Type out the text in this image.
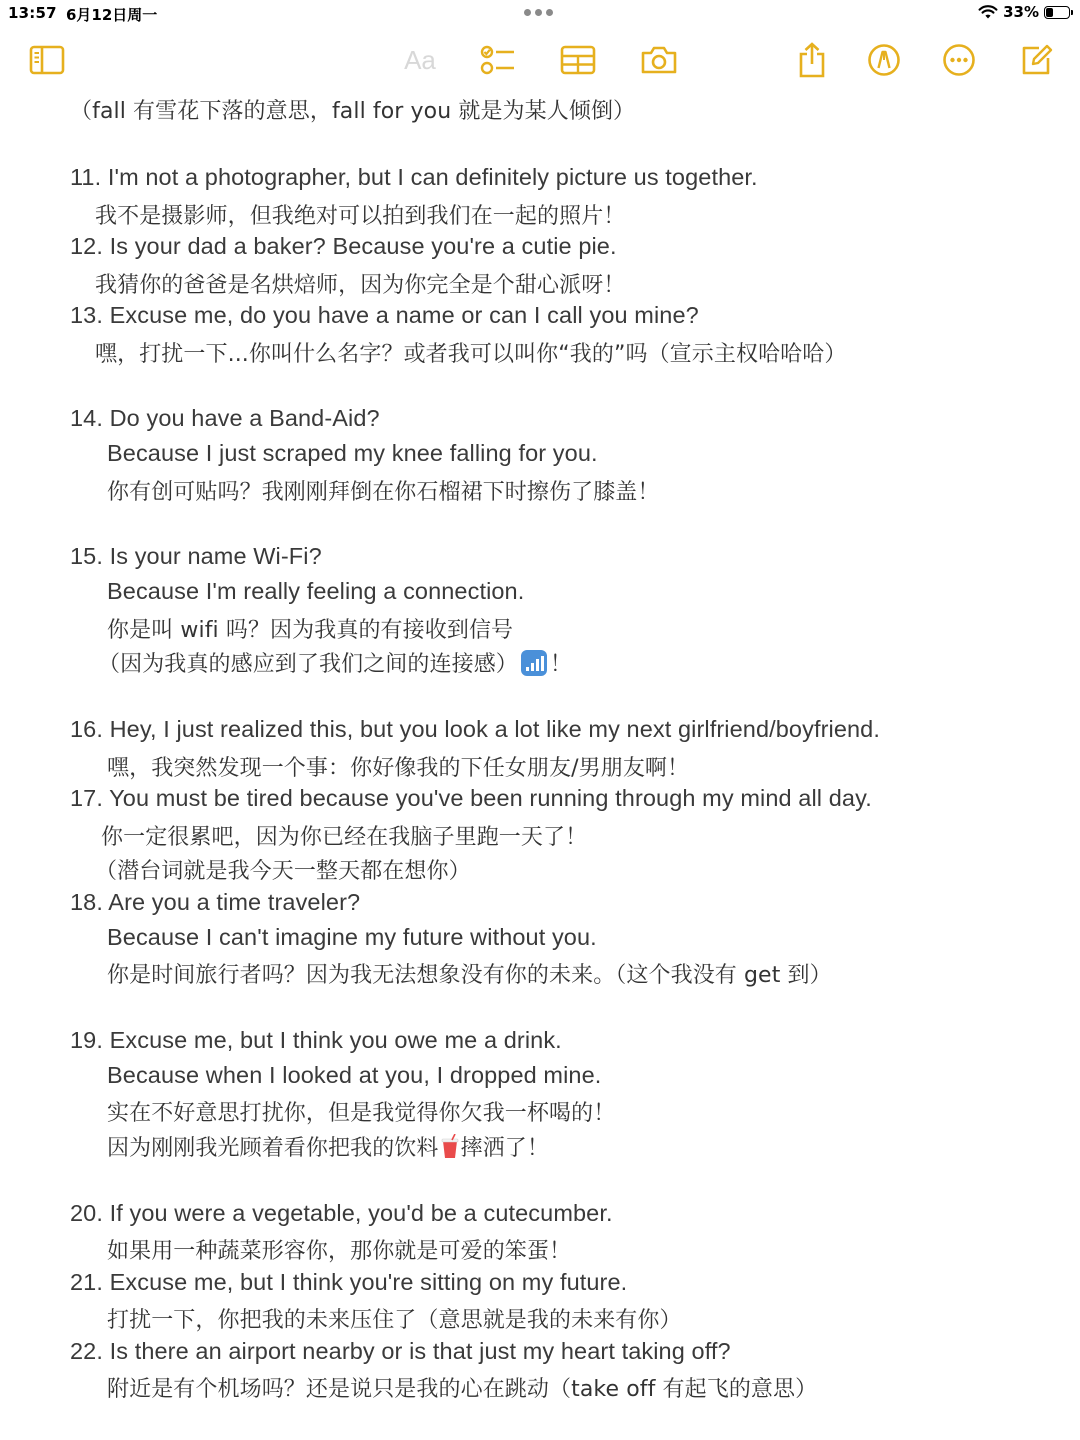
13:57 6月12日周一	33%
Aa
（fall 有雪花下落的意思，fall for you 就是为某人倾倒）
11. I'm not a photographer, but I can definitely picture us together.
我不是摄影师，但我绝对可以拍到我们在一起的照片！
12. Is your dad a baker? Because you're a cutie pie.
我猜你的爸爸是名烘焙师，因为你完全是个甜心派呀！
13. Excuse me, do you have a name or can I call you mine?
嘿，打扰一下...你叫什么名字？或者我可以叫你“我的”吗（宣示主权哈哈哈）
14. Do you have a Band-Aid?
Because I just scraped my knee falling for you.
你有创可贴吗？我刚刚拜倒在你石榴裙下时擦伤了膝盖！
15. Is your name Wi-Fi?
Because I'm really feeling a connection.
你是叫 wifi 吗？因为我真的有接收到信号
（因为我真的感应到了我们之间的连接感） ！
16. Hey, I just realized this, but you look a lot like my next girlfriend/boyfriend.
嘿，我突然发现一个事：你好像我的下任女朋友/男朋友啊！
17. You must be tired because you've been running through my mind all day.
你一定很累吧，因为你已经在我脑子里跑一天了！
（潜台词就是我今天一整天都在想你）
18. Are you a time traveler?
Because I can't imagine my future without you.
你是时间旅行者吗？因为我无法想象没有你的未来。（这个我没有 get 到）
19. Excuse me, but I think you owe me a drink.
Because when I looked at you, I dropped mine.
实在不好意思打扰你，但是我觉得你欠我一杯喝的！
因为刚刚我光顾着看你把我的饮料 摔洒了！
20. If you were a vegetable, you'd be a cutecumber.
如果用一种蔬菜形容你，那你就是可爱的笨蛋！
21. Excuse me, but I think you're sitting on my future.
打扰一下，你把我的未来压住了（意思就是我的未来有你）
22. Is there an airport nearby or is that just my heart taking off?
附近是有个机场吗？还是说只是我的心在跳动（take off 有起飞的意思）
